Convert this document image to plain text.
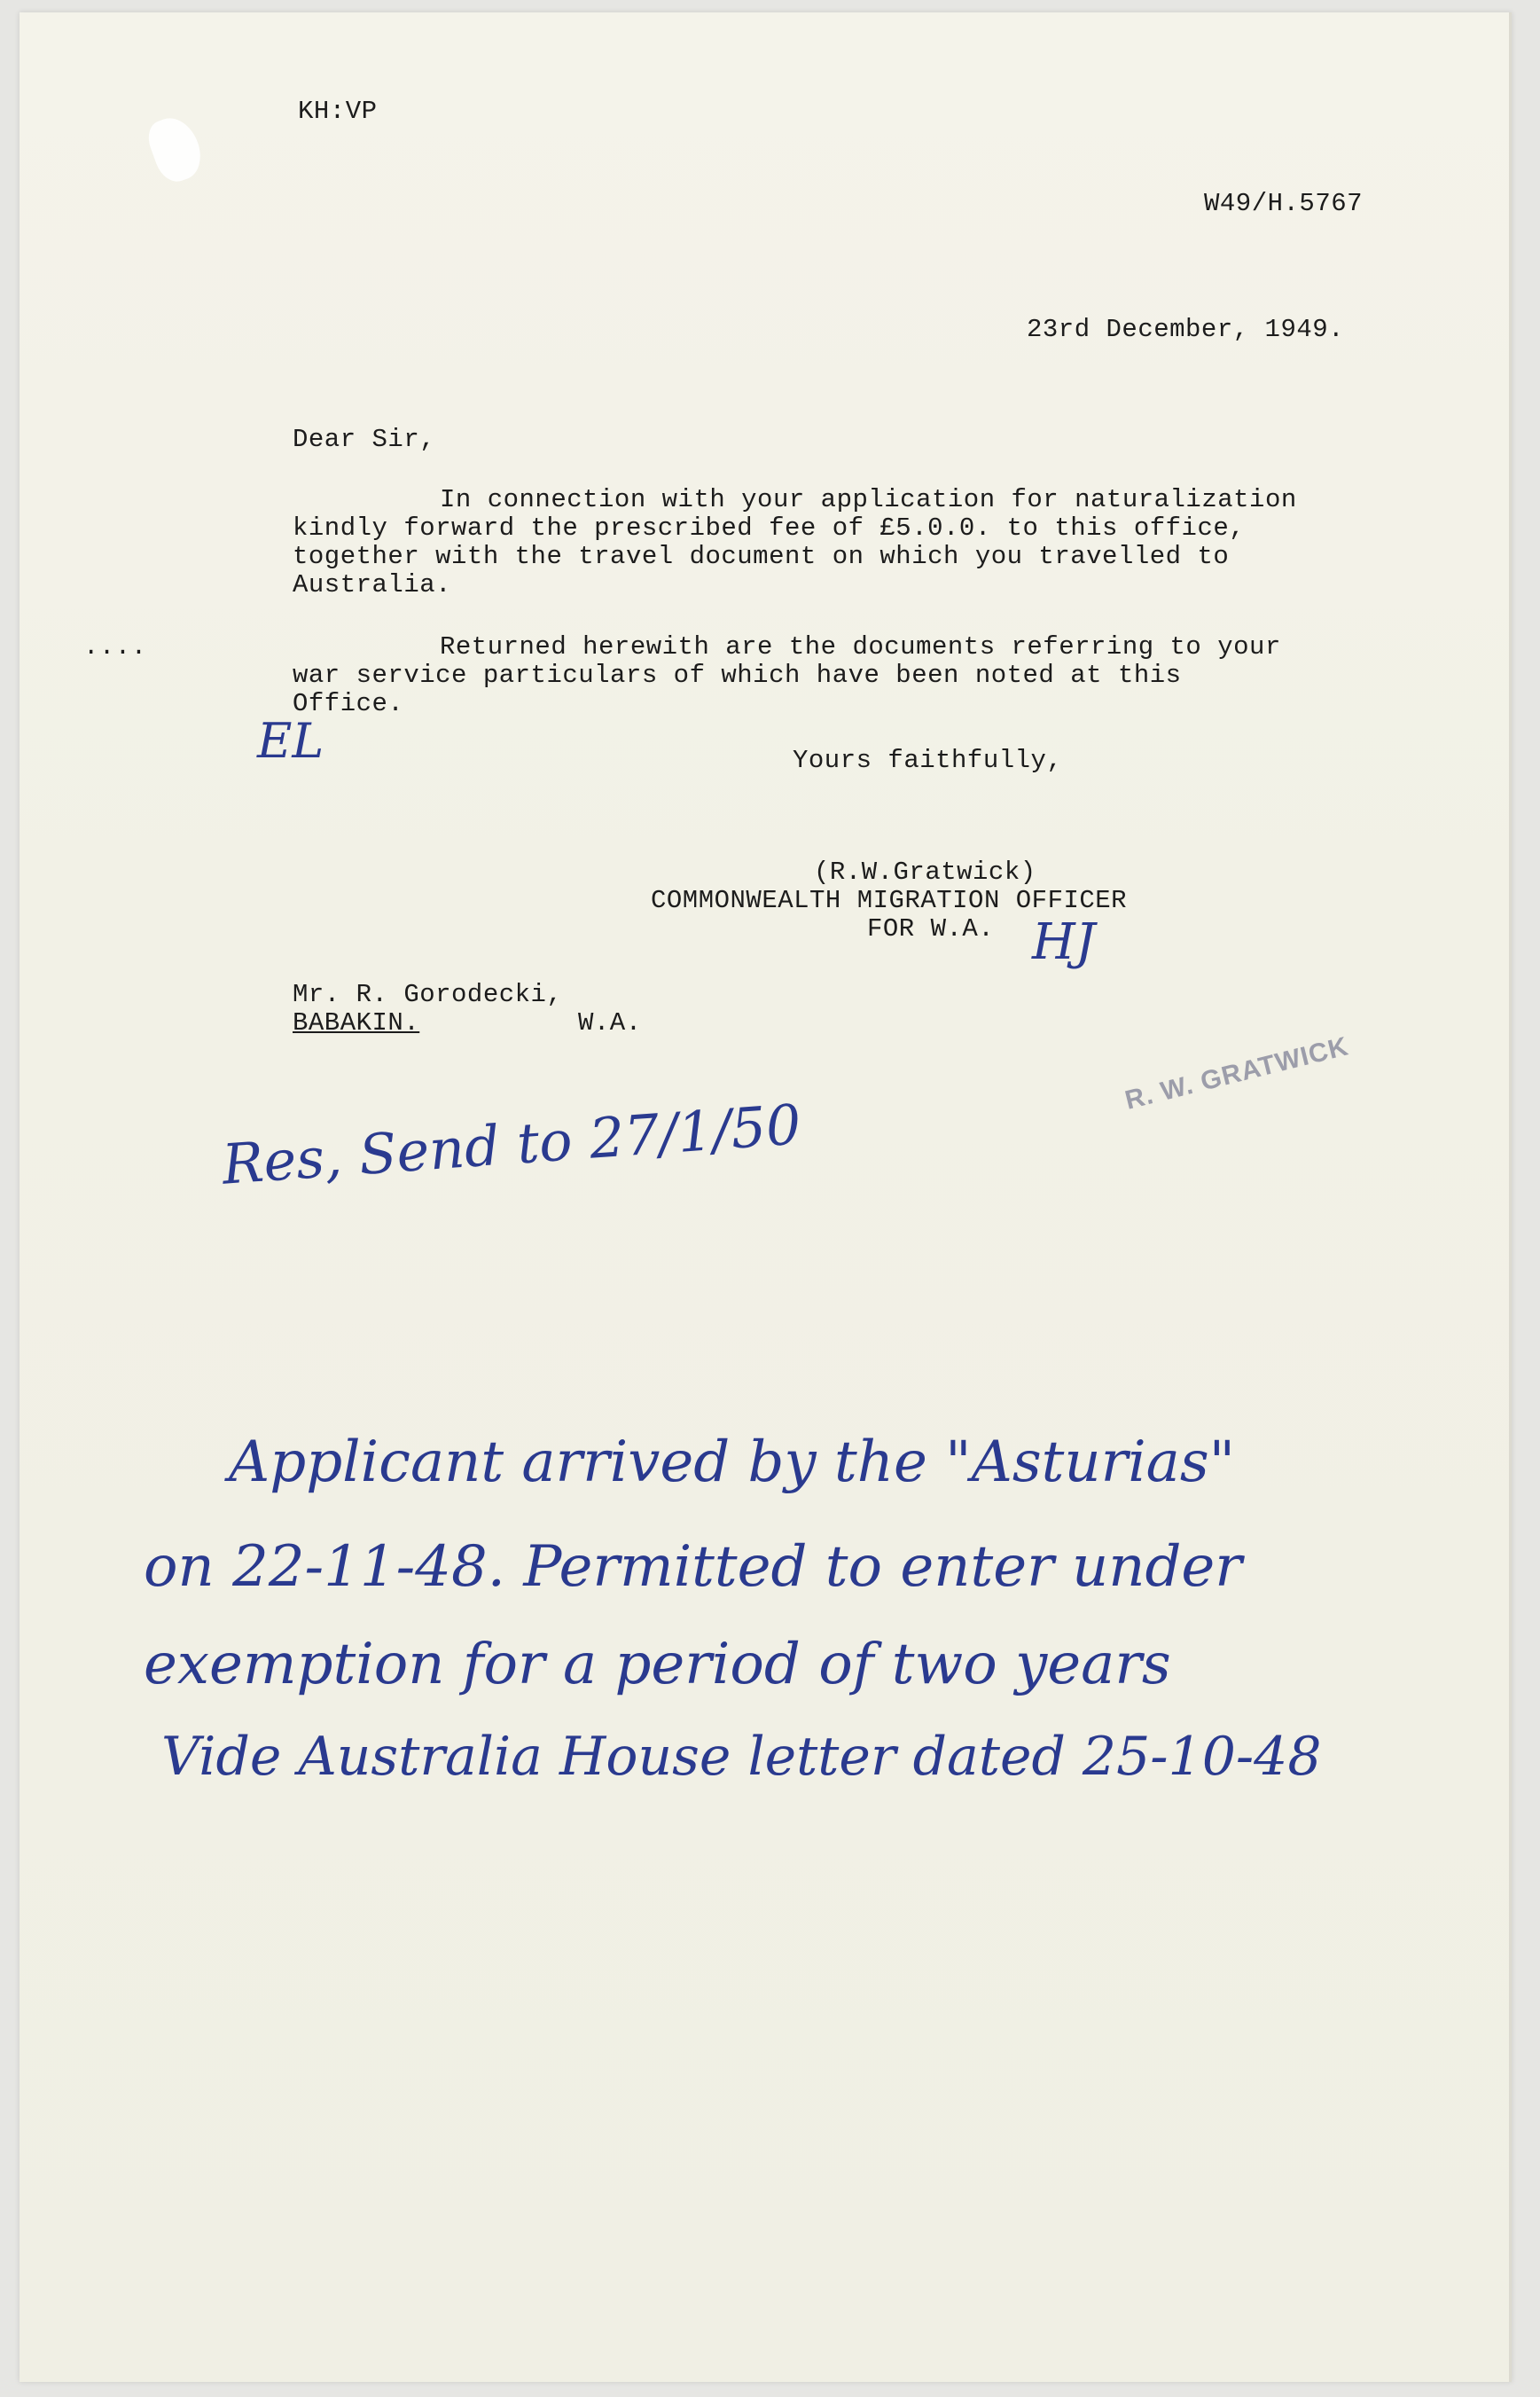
KH:VP
W49/H.5767
23rd December, 1949.
Dear Sir,
In connection with your application for naturalization
kindly forward the prescribed fee of £5.0.0. to this office,
together with the travel document on which you travelled to
Australia.
....	Returned herewith are the documents referring to your
war service particulars of which have been noted at this
Office.
EL	Yours faithfully,
(R.W.Gratwick)
COMMONWEALTH MIGRATION OFFICER
FOR W.A. HJ
Mr. R. Gorodecki,
BABAKIN.	W.A.
R. W. GRATWICK
Res, Send to 27/1/50
Applicant arrived by the "Asturias"
on 22-11-48. Permitted to enter under
exemption for a period of two years
Vide Australia House letter dated 25-10-48
